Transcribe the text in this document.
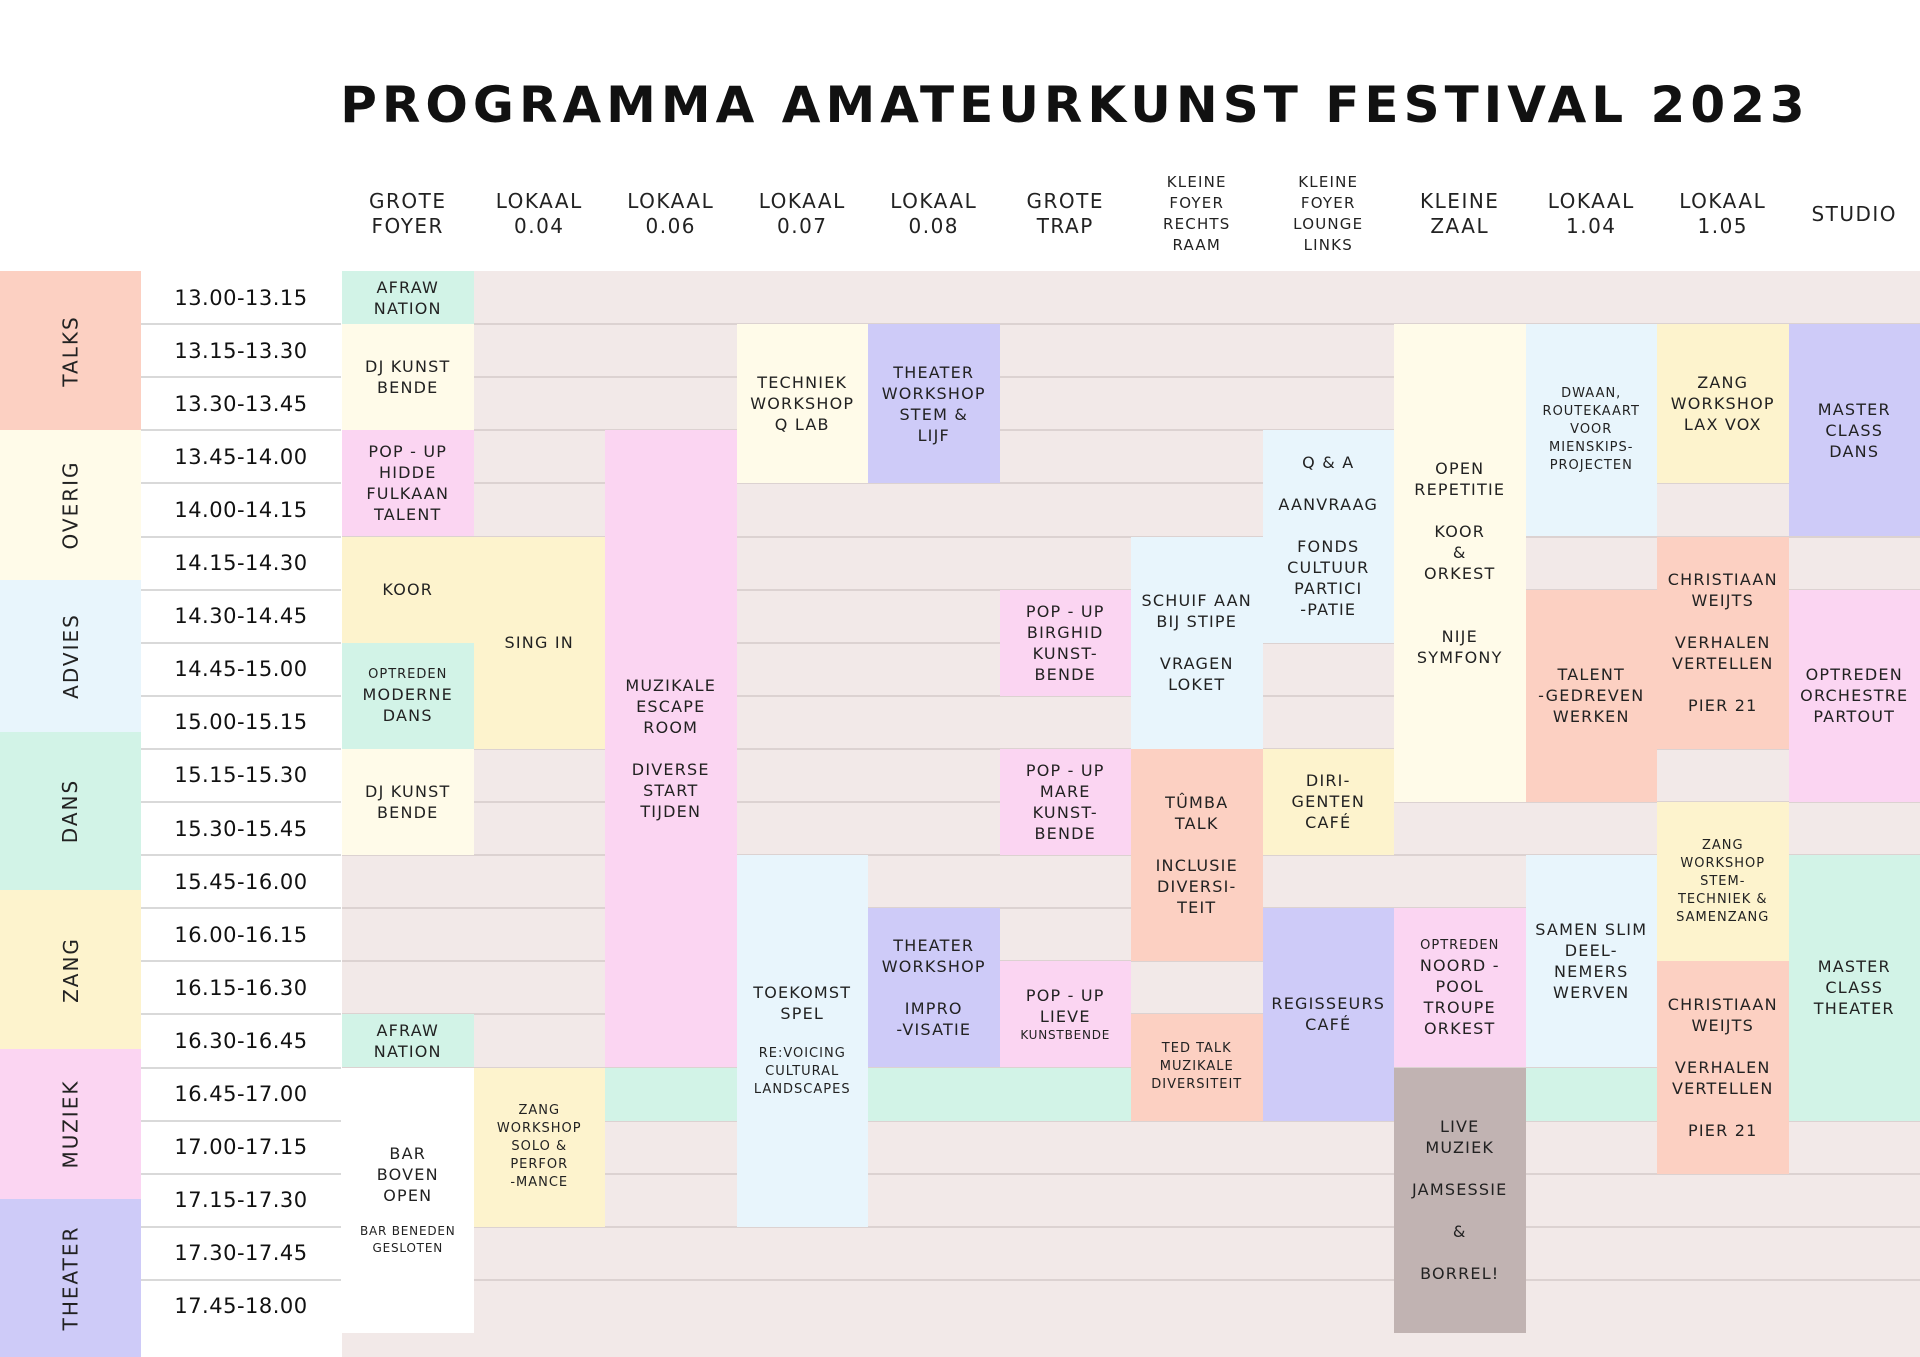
PROGRAMMA AMATEURKUNST FESTIVAL 2023
GROTE
FOYER
LOKAAL
0.04
LOKAAL
0.06
LOKAAL
0.07
LOKAAL
0.08
GROTE
TRAP
KLEINE
FOYER
RECHTS
RAAM
KLEINE
FOYER
LOUNGE
LINKS
KLEINE
ZAAL
LOKAAL
1.04
LOKAAL
1.05
STUDIO
TALKS
OVERIG
ADVIES
DANS
ZANG
MUZIEK
THEATER
13.00-13.15
13.15-13.30
13.30-13.45
13.45-14.00
14.00-14.15
14.15-14.30
14.30-14.45
14.45-15.00
15.00-15.15
15.15-15.30
15.30-15.45
15.45-16.00
16.00-16.15
16.15-16.30
16.30-16.45
16.45-17.00
17.00-17.15
17.15-17.30
17.30-17.45
17.45-18.00
AFRAW
NATION
DJ KUNST
BENDE
POP - UP
HIDDE
FULKAAN
TALENT
KOOR
OPTREDEN
MODERNE
DANS
DJ KUNST
BENDE
AFRAW
NATION
BAR
BOVEN
OPEN

BAR BENEDEN
GESLOTEN
SING IN
ZANG
WORKSHOP
SOLO &
PERFOR
-MANCE
MUZIKALE
ESCAPE
ROOM

DIVERSE
START
TIJDEN
TECHNIEK
WORKSHOP
Q LAB
TOEKOMST
SPEL

RE:VOICING
CULTURAL
LANDSCAPES
THEATER
WORKSHOP
STEM &
LIJF
THEATER
WORKSHOP

IMPRO
-VISATIE
POP - UP
BIRGHID
KUNST-
BENDE
POP - UP
MARE
KUNST-
BENDE
POP - UP
LIEVE
KUNSTBENDE
SCHUIF AAN
BIJ STIPE

VRAGEN
LOKET
TÛMBA
TALK

INCLUSIE
DIVERSI-
TEIT
TED TALK
MUZIKALE
DIVERSITEIT
Q & A

AANVRAAG

FONDS
CULTUUR
PARTICI
-PATIE
DIRI-
GENTEN
CAFÉ
REGISSEURS
CAFÉ
OPEN
REPETITIE

KOOR
&
ORKEST

NIJE
SYMFONY
OPTREDEN
NOORD -
POOL
TROUPE
ORKEST
LIVE
MUZIEK

JAMSESSIE

&

BORREL!
DWAAN,
ROUTEKAART
VOOR
MIENSKIPS-
PROJECTEN
TALENT
-GEDREVEN
WERKEN
SAMEN SLIM
DEEL-
NEMERS
WERVEN
ZANG
WORKSHOP
LAX VOX
CHRISTIAAN
WEIJTS

VERHALEN
VERTELLEN

PIER 21
ZANG
WORKSHOP
STEM-
TECHNIEK &
SAMENZANG
CHRISTIAAN
WEIJTS

VERHALEN
VERTELLEN

PIER 21
MASTER
CLASS
DANS
OPTREDEN
ORCHESTRE
PARTOUT
MASTER
CLASS
THEATER
